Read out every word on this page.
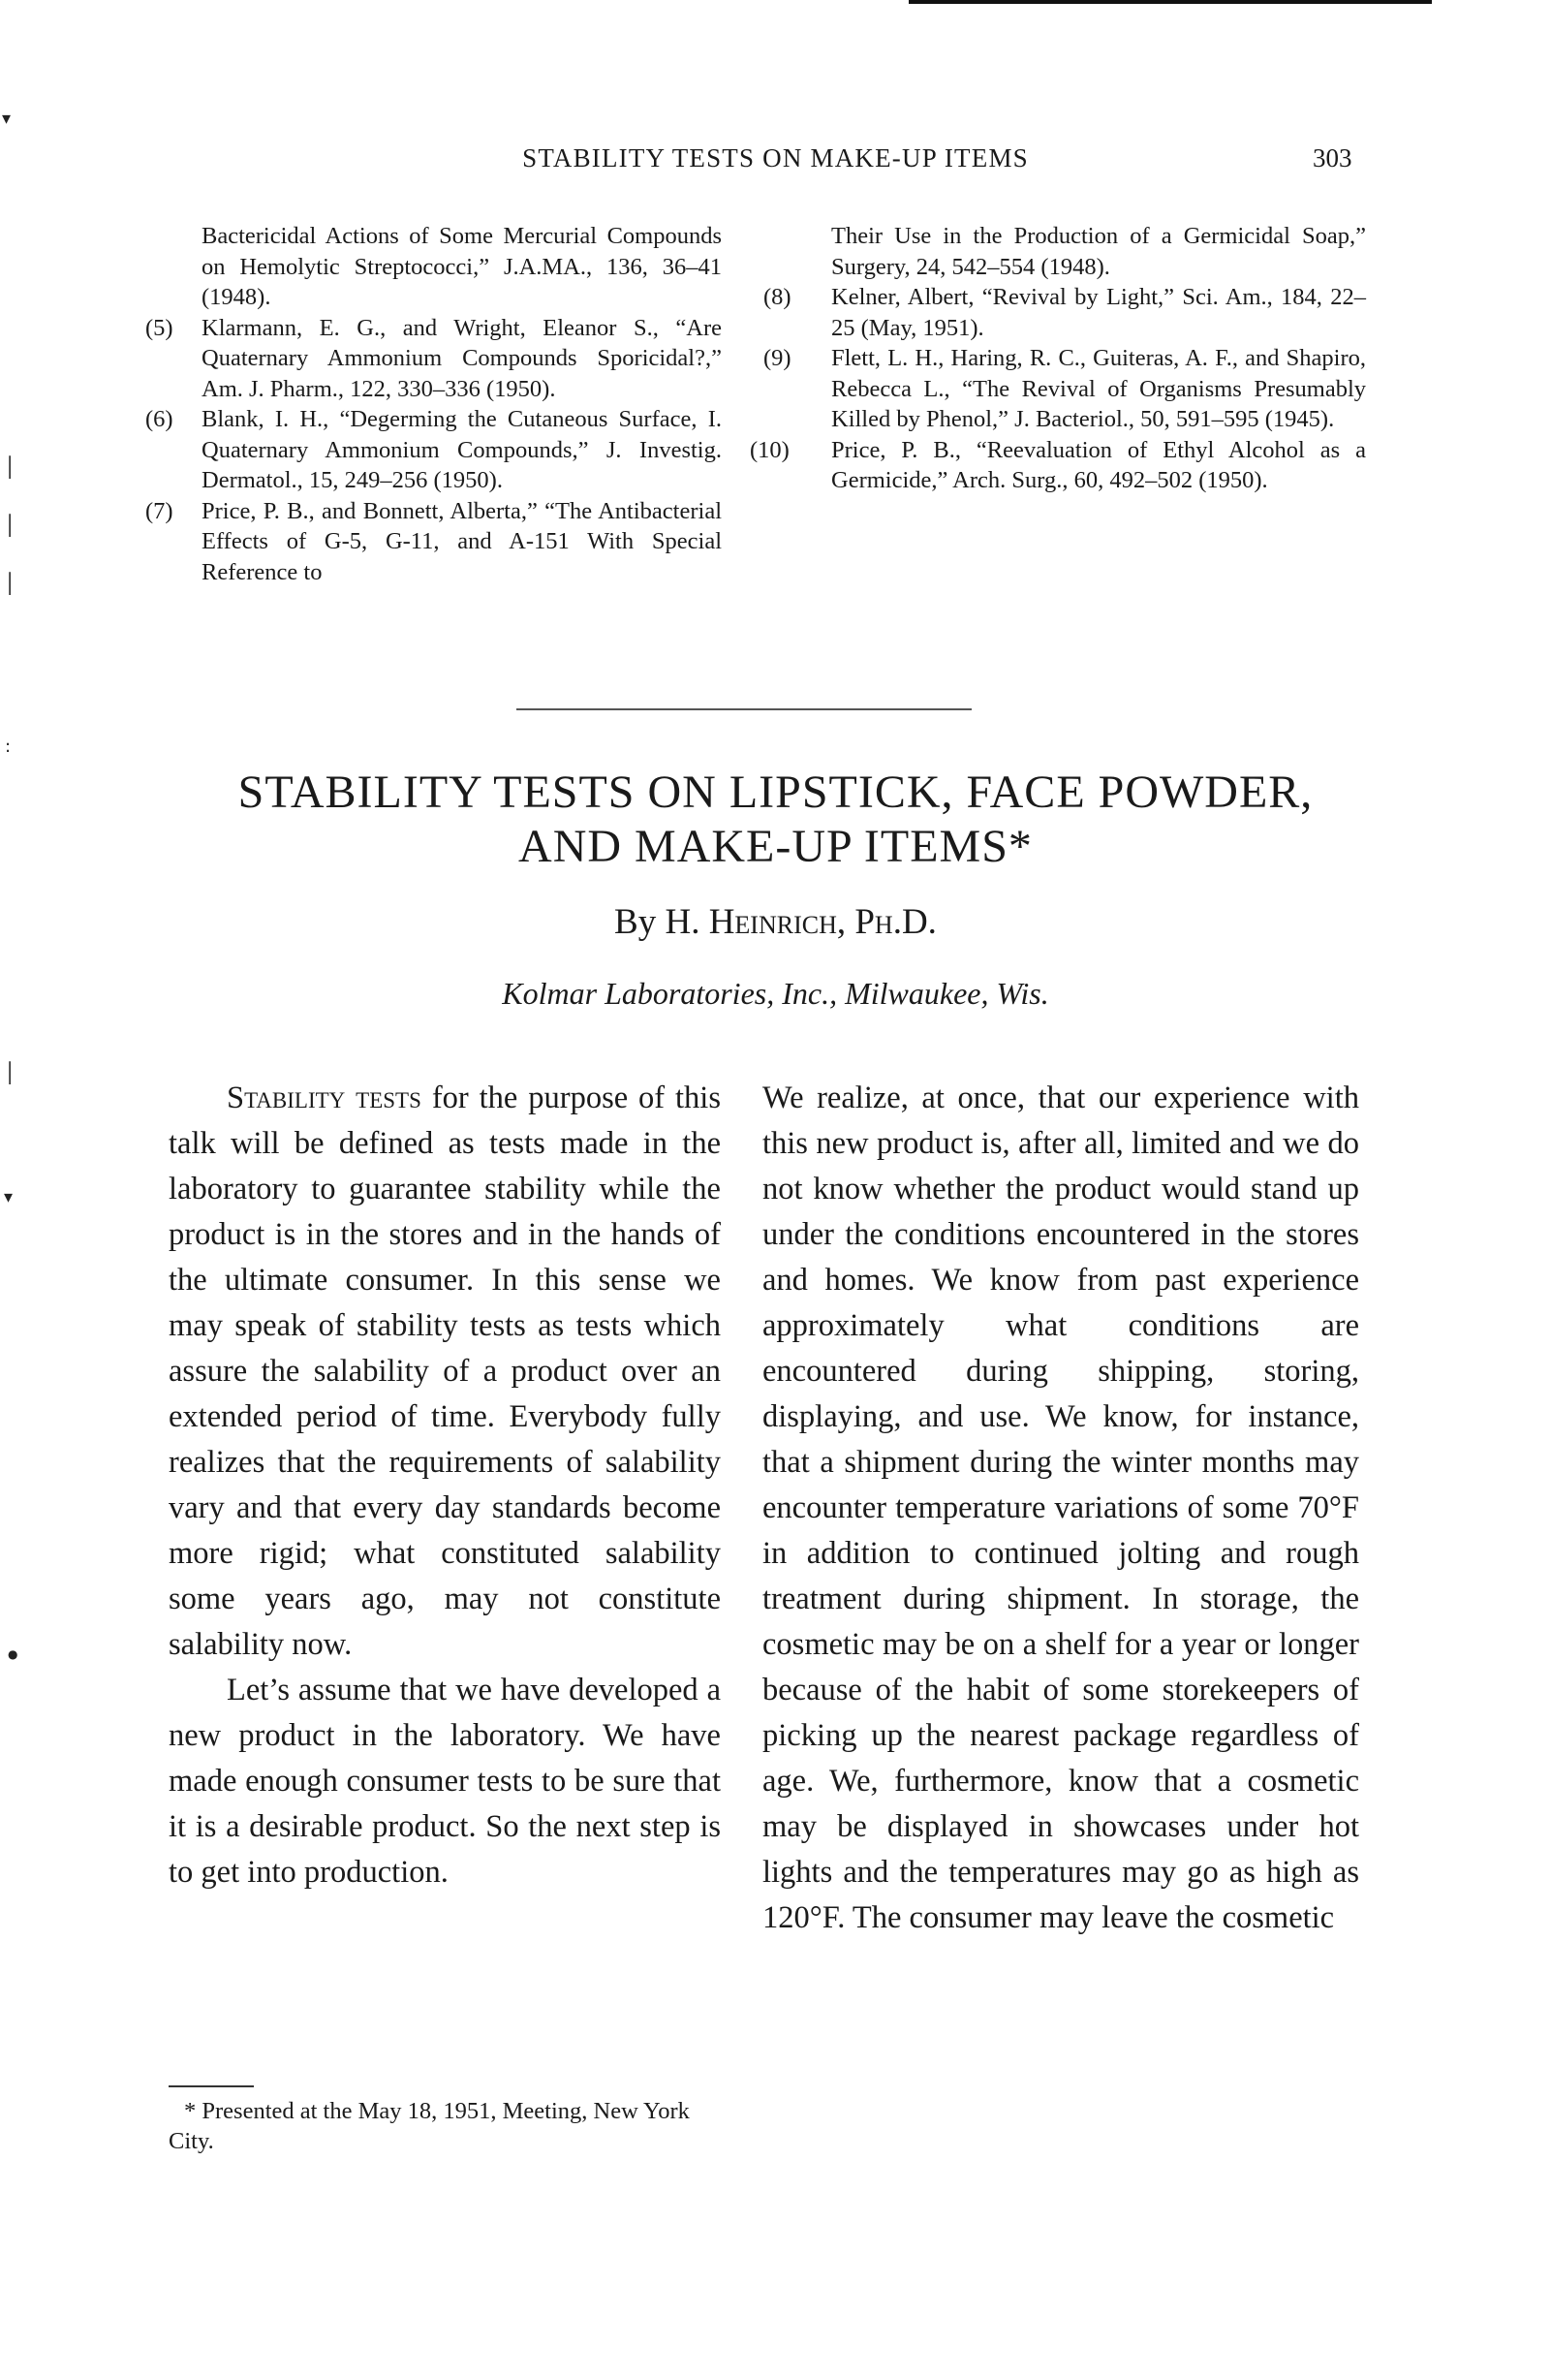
STABILITY TESTS ON MAKE-UP ITEMS	303

Bactericidal Actions of Some Mercurial Compounds on Hemolytic Streptococci,” J.A.MA., 136, 36–41 (1948).

(5) Klarmann, E. G., and Wright, Eleanor S., “Are Quaternary Ammonium Compounds Sporicidal?,” Am. J. Pharm., 122, 330–336 (1950).

(6) Blank, I. H., “Degerming the Cutaneous Surface, I. Quaternary Ammonium Compounds,” J. Investig. Dermatol., 15, 249–256 (1950).

(7) Price, P. B., and Bonnett, Alberta,” “The Antibacterial Effects of G-5, G-11, and A-151 With Special Reference to

Their Use in the Production of a Germicidal Soap,” Surgery, 24, 542–554 (1948).

(8) Kelner, Albert, “Revival by Light,” Sci. Am., 184, 22–25 (May, 1951).

(9) Flett, L. H., Haring, R. C., Guiteras, A. F., and Shapiro, Rebecca L., “The Revival of Organisms Presumably Killed by Phenol,” J. Bacteriol., 50, 591–595 (1945).

(10) Price, P. B., “Reevaluation of Ethyl Alcohol as a Germicide,” Arch. Surg., 60, 492–502 (1950).

STABILITY TESTS ON LIPSTICK, FACE POWDER,
AND MAKE-UP ITEMS*
By H. Heinrich, Ph.D.
Kolmar Laboratories, Inc., Milwaukee, Wis.

Stability tests for the purpose of this talk will be defined as tests made in the laboratory to guarantee stability while the product is in the stores and in the hands of the ultimate consumer. In this sense we may speak of stability tests as tests which assure the salability of a product over an extended period of time. Everybody fully realizes that the requirements of salability vary and that every day standards become more rigid; what constituted salability some years ago, may not constitute salability now.

Let’s assume that we have developed a new product in the laboratory. We have made enough consumer tests to be sure that it is a desirable product. So the next step is to get into production.

We realize, at once, that our experience with this new product is, after all, limited and we do not know whether the product would stand up under the conditions encountered in the stores and homes. We know from past experience approximately what conditions are encountered during shipping, storing, displaying, and use. We know, for instance, that a shipment during the winter months may encounter temperature variations of some 70°F in addition to continued jolting and rough treatment during shipment. In storage, the cosmetic may be on a shelf for a year or longer because of the habit of some storekeepers of picking up the nearest package regardless of age. We, furthermore, know that a cosmetic may be displayed in showcases under hot lights and the temperatures may go as high as 120°F. The consumer may leave the cosmetic

* Presented at the May 18, 1951, Meeting, New York City.
▾
│
│
│
:
│
▾
●
